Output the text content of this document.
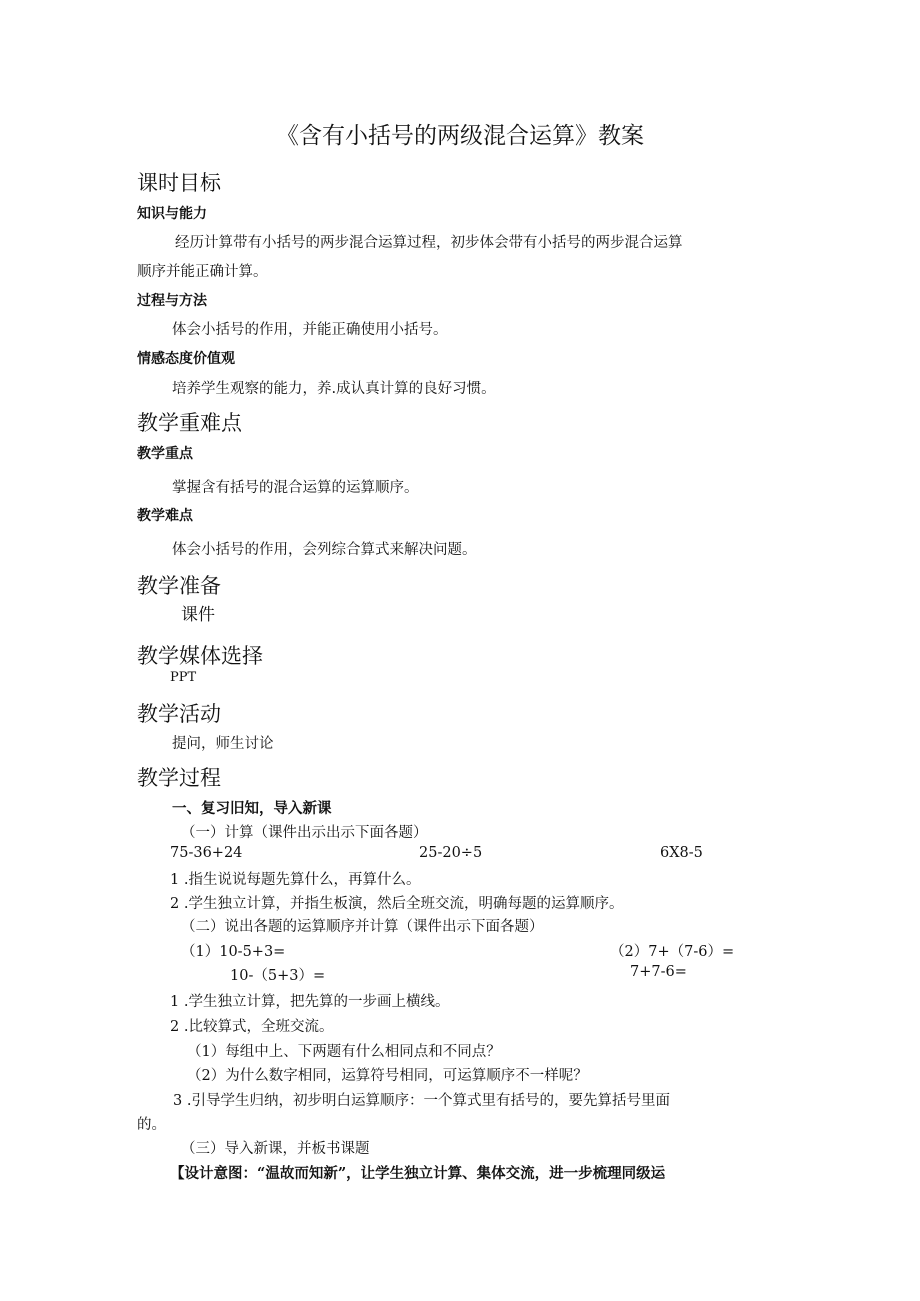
《含有小括号的两级混合运算》教案
课时目标
知识与能力
经历计算带有小括号的两步混合运算过程，初步体会带有小括号的两步混合运算
顺序并能正确计算。
过程与方法
体会小括号的作用，并能正确使用小括号。
情感态度价值观
培养学生观察的能力，养.成认真计算的良好习惯。
教学重难点
教学重点
掌握含有括号的混合运算的运算顺序。
教学难点
体会小括号的作用，会列综合算式来解决问题。
教学准备
课件
教学媒体选择
PPT
教学活动
提问，师生讨论
教学过程
一、复习旧知，导入新课
（一）计算（课件出示出示下面各题）
75-36+24	25-20÷5	6X8-5
1 .指生说说每题先算什么，再算什么。
2 .学生独立计算，并指生板演，然后全班交流，明确每题的运算顺序。
（二）说出各题的运算顺序并计算（课件出示下面各题）
（1）10-5+3=	（2）7+（7-6）=
10-（5+3）=	7+7-6=
1 .学生独立计算，把先算的一步画上横线。
2 .比较算式，全班交流。
（1）每组中上、下两题有什么相同点和不同点？
（2）为什么数字相同，运算符号相同，可运算顺序不一样呢？
3 .引导学生归纳，初步明白运算顺序：一个算式里有括号的，要先算括号里面
的。
（三）导入新课，并板书课题
【设计意图：“温故而知新”，让学生独立计算、集体交流，进一步梳理同级运
